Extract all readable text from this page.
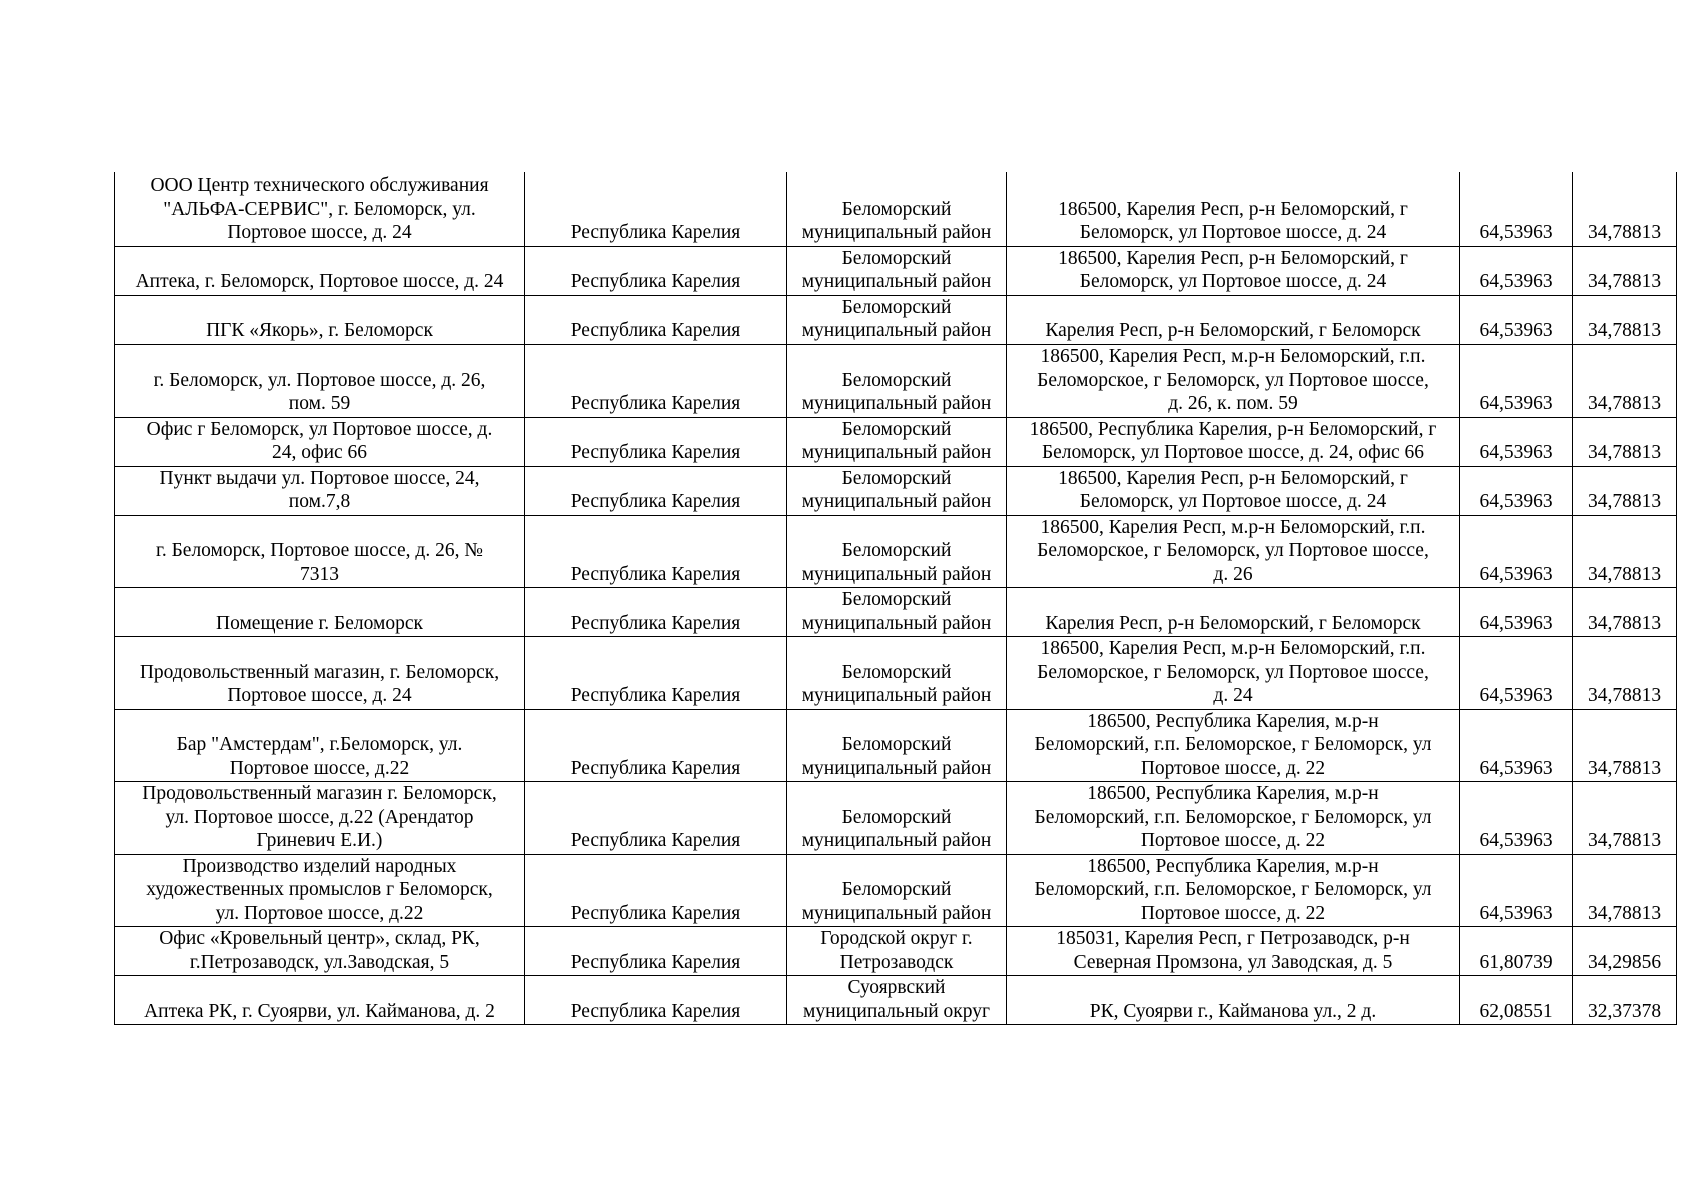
ООО Центр технического обслуживания
"АЛЬФА-СЕРВИС", г. Беломорск, ул.
Портовое шоссе, д. 24	Республика Карелия	Беломорский
муниципальный район	186500, Карелия Респ, р-н Беломорский, г
Беломорск, ул Портовое шоссе, д. 24	64,53963	34,78813
Аптека, г. Беломорск, Портовое шоссе, д. 24	Республика Карелия	Беломорский
муниципальный район	186500, Карелия Респ, р-н Беломорский, г
Беломорск, ул Портовое шоссе, д. 24	64,53963	34,78813
ПГК «Якорь», г. Беломорск	Республика Карелия	Беломорский
муниципальный район	Карелия Респ, р-н Беломорский, г Беломорск	64,53963	34,78813
г. Беломорск, ул. Портовое шоссе, д. 26,
пом. 59	Республика Карелия	Беломорский
муниципальный район	186500, Карелия Респ, м.р-н Беломорский, г.п.
Беломорское, г Беломорск, ул Портовое шоссе,
д. 26, к. пом. 59	64,53963	34,78813
Офис г Беломорск, ул Портовое шоссе, д.
24, офис 66	Республика Карелия	Беломорский
муниципальный район	186500, Республика Карелия, р-н Беломорский, г
Беломорск, ул Портовое шоссе, д. 24, офис 66	64,53963	34,78813
Пункт выдачи ул. Портовое шоссе, 24,
пом.7,8	Республика Карелия	Беломорский
муниципальный район	186500, Карелия Респ, р-н Беломорский, г
Беломорск, ул Портовое шоссе, д. 24	64,53963	34,78813
г. Беломорск, Портовое шоссе, д. 26, №
7313	Республика Карелия	Беломорский
муниципальный район	186500, Карелия Респ, м.р-н Беломорский, г.п.
Беломорское, г Беломорск, ул Портовое шоссе,
д. 26	64,53963	34,78813
Помещение г. Беломорск	Республика Карелия	Беломорский
муниципальный район	Карелия Респ, р-н Беломорский, г Беломорск	64,53963	34,78813
Продовольственный магазин, г. Беломорск,
Портовое шоссе, д. 24	Республика Карелия	Беломорский
муниципальный район	186500, Карелия Респ, м.р-н Беломорский, г.п.
Беломорское, г Беломорск, ул Портовое шоссе,
д. 24	64,53963	34,78813
Бар "Амстердам", г.Беломорск, ул.
Портовое шоссе, д.22	Республика Карелия	Беломорский
муниципальный район	186500, Республика Карелия, м.р-н
Беломорский, г.п. Беломорское, г Беломорск, ул
Портовое шоссе, д. 22	64,53963	34,78813
Продовольственный магазин г. Беломорск,
ул. Портовое шоссе, д.22 (Арендатор
Гриневич Е.И.)	Республика Карелия	Беломорский
муниципальный район	186500, Республика Карелия, м.р-н
Беломорский, г.п. Беломорское, г Беломорск, ул
Портовое шоссе, д. 22	64,53963	34,78813
Производство изделий народных
художественных промыслов г Беломорск,
ул. Портовое шоссе, д.22	Республика Карелия	Беломорский
муниципальный район	186500, Республика Карелия, м.р-н
Беломорский, г.п. Беломорское, г Беломорск, ул
Портовое шоссе, д. 22	64,53963	34,78813
Офис «Кровельный центр», склад, РК,
г.Петрозаводск, ул.Заводская, 5	Республика Карелия	Городской округ г.
Петрозаводск	185031, Карелия Респ, г Петрозаводск, р-н
Северная Промзона, ул Заводская, д. 5	61,80739	34,29856
Аптека РК, г. Суоярви, ул. Кайманова, д. 2	Республика Карелия	Суоярвский
муниципальный округ	РК, Суоярви г., Кайманова ул., 2 д.	62,08551	32,37378
